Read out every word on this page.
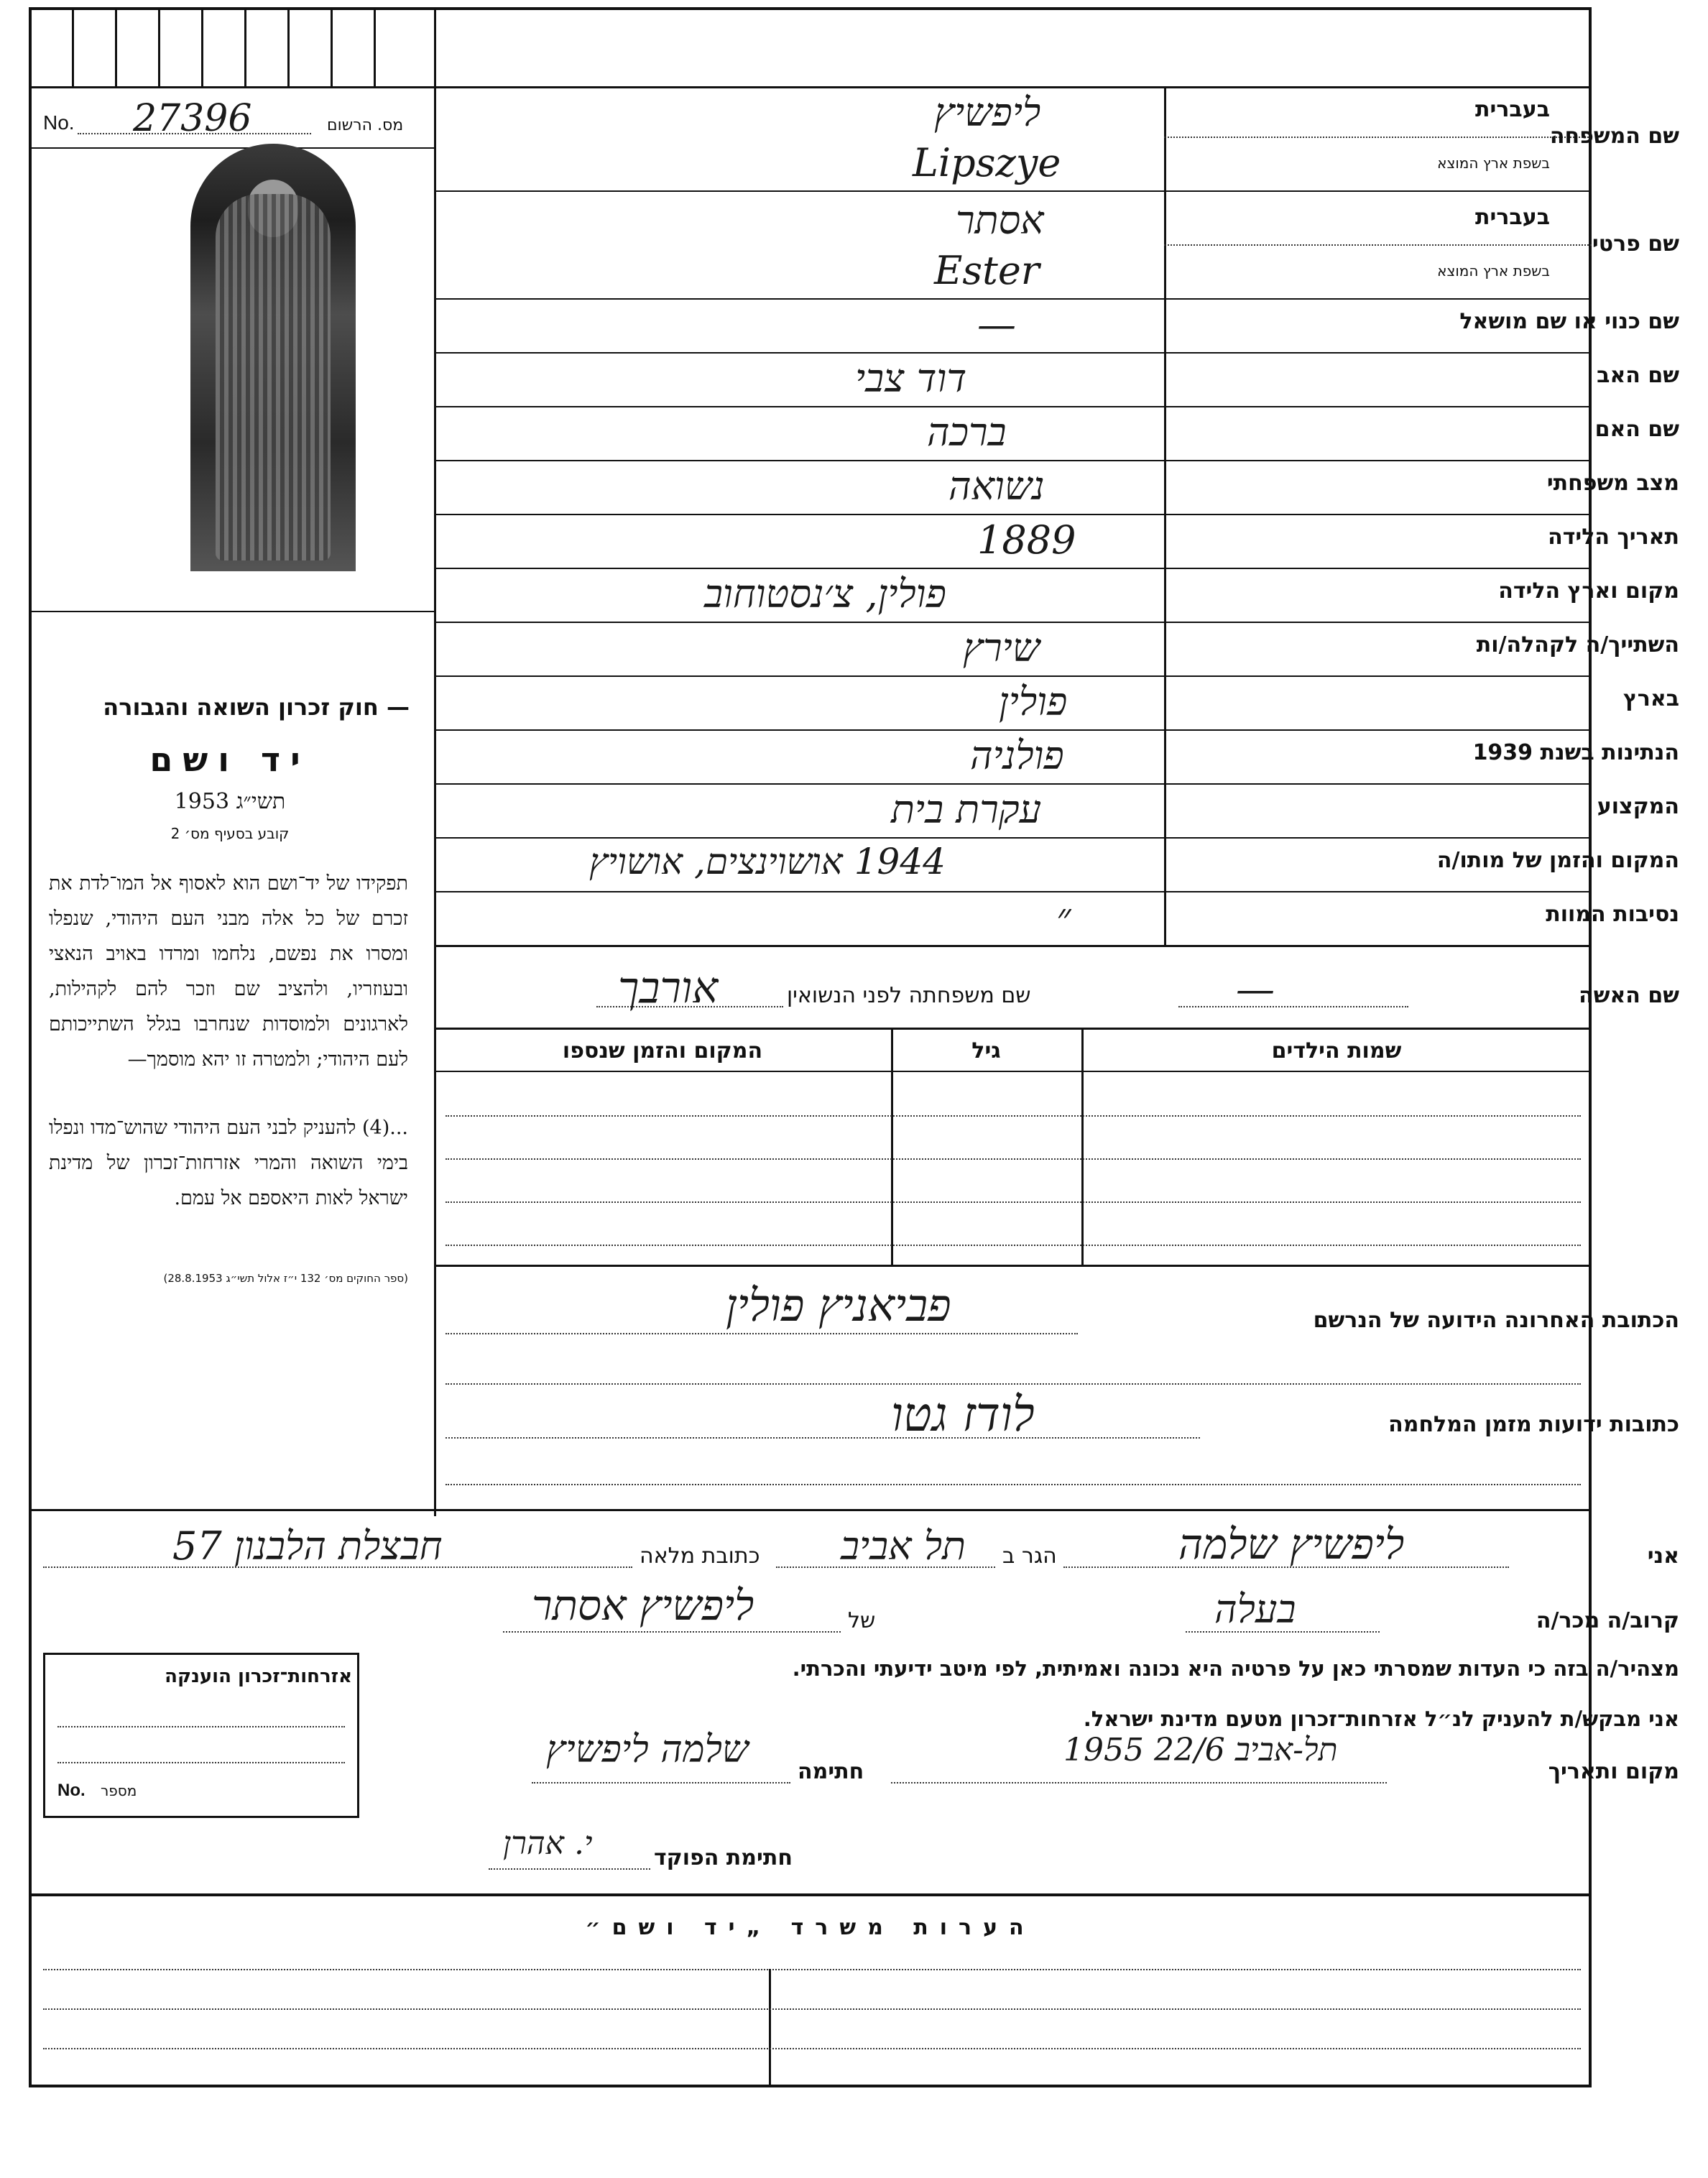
No. 27396	מס. הרשום
— חוק זכרון השואה והגבורה
יד ושם
תשי״ג 1953
קובע בסעיף מס׳ 2
תפקידו של יד־ושם הוא לאסוף אל המו־לדת את זכרם של כל אלה מבני העם היהודי, שנפלו ומסרו את נפשם, נלחמו ומרדו באויב הנאצי ובעוזריו, ולהציב שם וזכר להם לקהילות, לארגונים ולמוסדות שנחרבו בגלל השתייכותם לעם היהודי; ולמטרה זו יהא מוסמך—
...(4) להעניק לבני העם היהודי שהוש־מדו ונפלו בימי השואה והמרי אזרחות־זכרון של מדינת ישראל לאות היאספם אל עמם.
(ספר החוקים מס׳ 132 י״ז אלול תשי״ג 28.8.1953)
בעברית
שם המשפחה
בשפת ארץ המוצא
בעברית
שם פרטי
בשפת ארץ המוצא
שם כנוי או שם מושאל
שם האב
שם האם
מצב משפחתי
תאריך הלידה
מקום וארץ הלידה
השתייך/ה לקהלה/ות
בארץ
הנתינות בשנת 1939
המקצוע
המקום והזמן של מותו/ה
נסיבות המוות
ליפשיץ
Lipszye
אסתר
Ester
—
דוד צבי
ברכה
נשואה
1889
פולין, צ׳נסטוחוב
שירץ
פולין
פולניה
עקרת בית
1944 אושוינצים, אושויץ
״
שם האשה
—
שם משפחתה לפני הנשואין
אורבך
שמות הילדים
גיל
המקום והזמן שנספו
הכתובת האחרונה הידועה של הנרשם
פביאניץ פולין
כתובות ידועות מזמן המלחמה
לודז גטו
אני
ליפשיץ שלמה
הגר ב
תל אביב
כתובת מלאה
חבצלת הלבנון 57
קרוב/ה מכר/ה
בעלה
של
ליפשיץ אסתר
מצהיר/ה בזה כי העדות שמסרתי כאן על פרטיה היא נכונה ואמיתית, לפי מיטב ידיעתי והכרתי.
אני מבקש/ת להעניק לנ״ל אזרחות־זכרון מטעם מדינת ישראל.
מקום ותאריך
תל-אביב 22/6 1955
חתימה
שלמה ליפשיץ
חתימת הפוקד
י. אהרן
אזרחות־זכרון הוענקה
No. מספר
הערות משרד „יד ושם״
